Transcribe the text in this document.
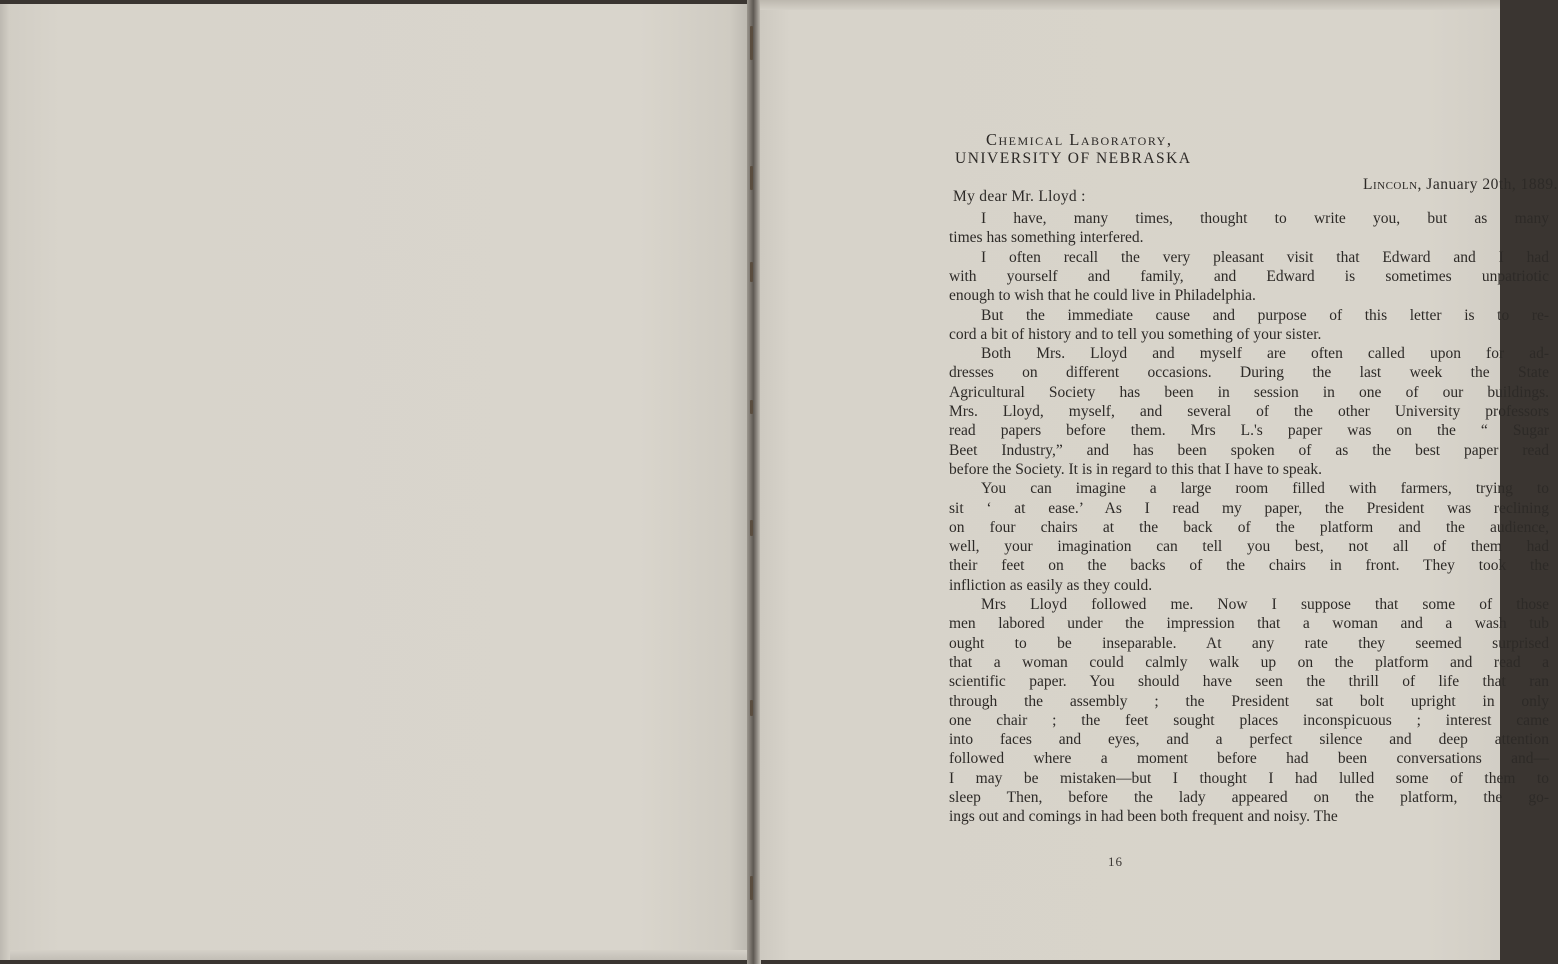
Chemical Laboratory,
UNIVERSITY OF NEBRASKA
Lincoln, January 20th, 1889.
My dear Mr. Lloyd :
I have, many times, thought to write you, but as many
times has something interfered.
I often recall the very pleasant visit that Edward and I had
with yourself and family, and Edward is sometimes unpatriotic
enough to wish that he could live in Philadelphia.
But the immediate cause and purpose of this letter is to re-
cord a bit of history and to tell you something of your sister.
Both Mrs. Lloyd and myself are often called upon for ad-
dresses on different occasions. During the last week the State
Agricultural Society has been in session in one of our buildings.
Mrs. Lloyd, myself, and several of the other University professors
read papers before them. Mrs L.'s paper was on the “ Sugar
Beet Industry,” and has been spoken of as the best paper read
before the Society. It is in regard to this that I have to speak.
You can imagine a large room filled with farmers, trying to
sit ‘ at ease.’ As I read my paper, the President was reclining
on four chairs at the back of the platform and the audience,
well, your imagination can tell you best, not all of them had
their feet on the backs of the chairs in front. They took the
infliction as easily as they could.
Mrs Lloyd followed me. Now I suppose that some of those
men labored under the impression that a woman and a wash tub
ought to be inseparable. At any rate they seemed surprised
that a woman could calmly walk up on the platform and read a
scientific paper. You should have seen the thrill of life that ran
through the assembly ; the President sat bolt upright in only
one chair ; the feet sought places inconspicuous ; interest came
into faces and eyes, and a perfect silence and deep attention
followed where a moment before had been conversations and—
I may be mistaken—but I thought I had lulled some of them to
sleep Then, before the lady appeared on the platform, the go-
ings out and comings in had been both frequent and noisy. The
16
